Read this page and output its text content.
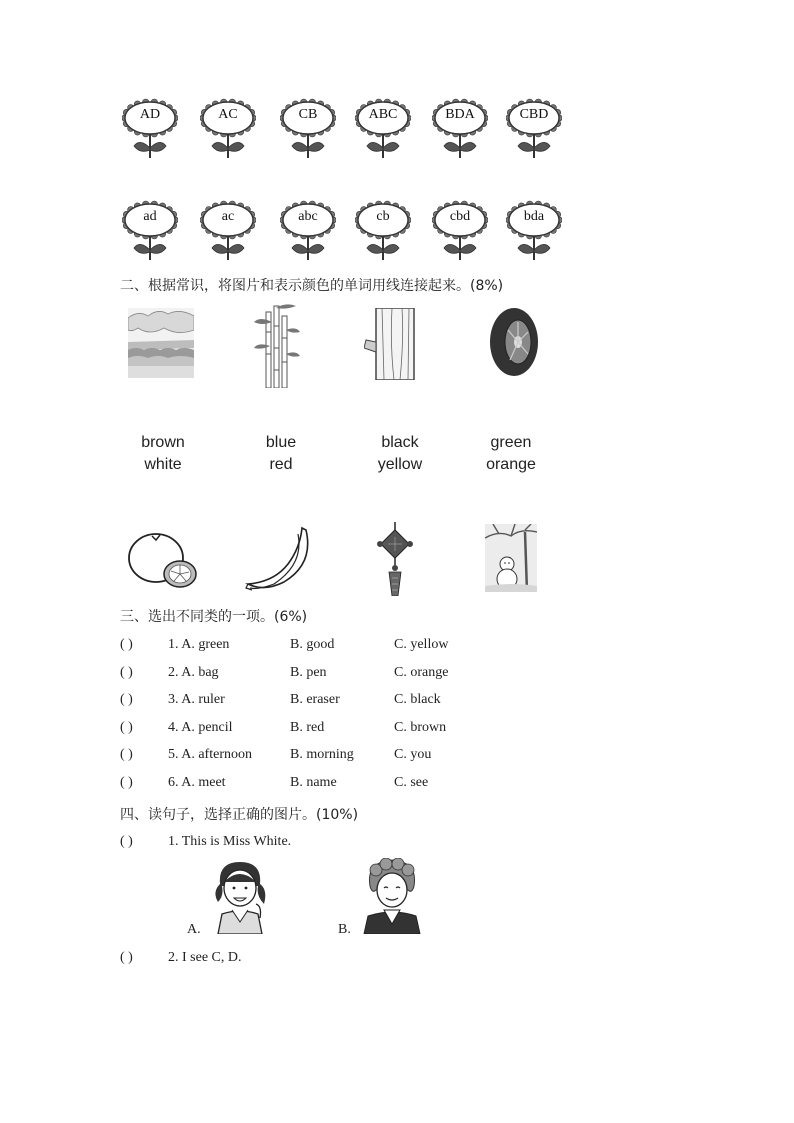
AD	AC	CB	ABC	BDA	CBD
ad	ac	abc	cb	cbd	bda
二、根据常识，将图片和表示颜色的单词用线连接起来。(8%)
brown	blue	black	green
white	red	yellow	orange
三、选出不同类的一项。(6%)
( )	1. A. green	B. good	C. yellow
( )	2. A. bag	B. pen	C. orange
( )	3. A. ruler	B. eraser	C. black
( )	4. A. pencil	B. red	C. brown
( )	5. A. afternoon	B. morning	C. you
( )	6. A. meet	B. name	C. see
四、读句子，选择正确的图片。(10%)
( )	1. This is Miss White.
A.	B.
( )	2. I see C, D.
